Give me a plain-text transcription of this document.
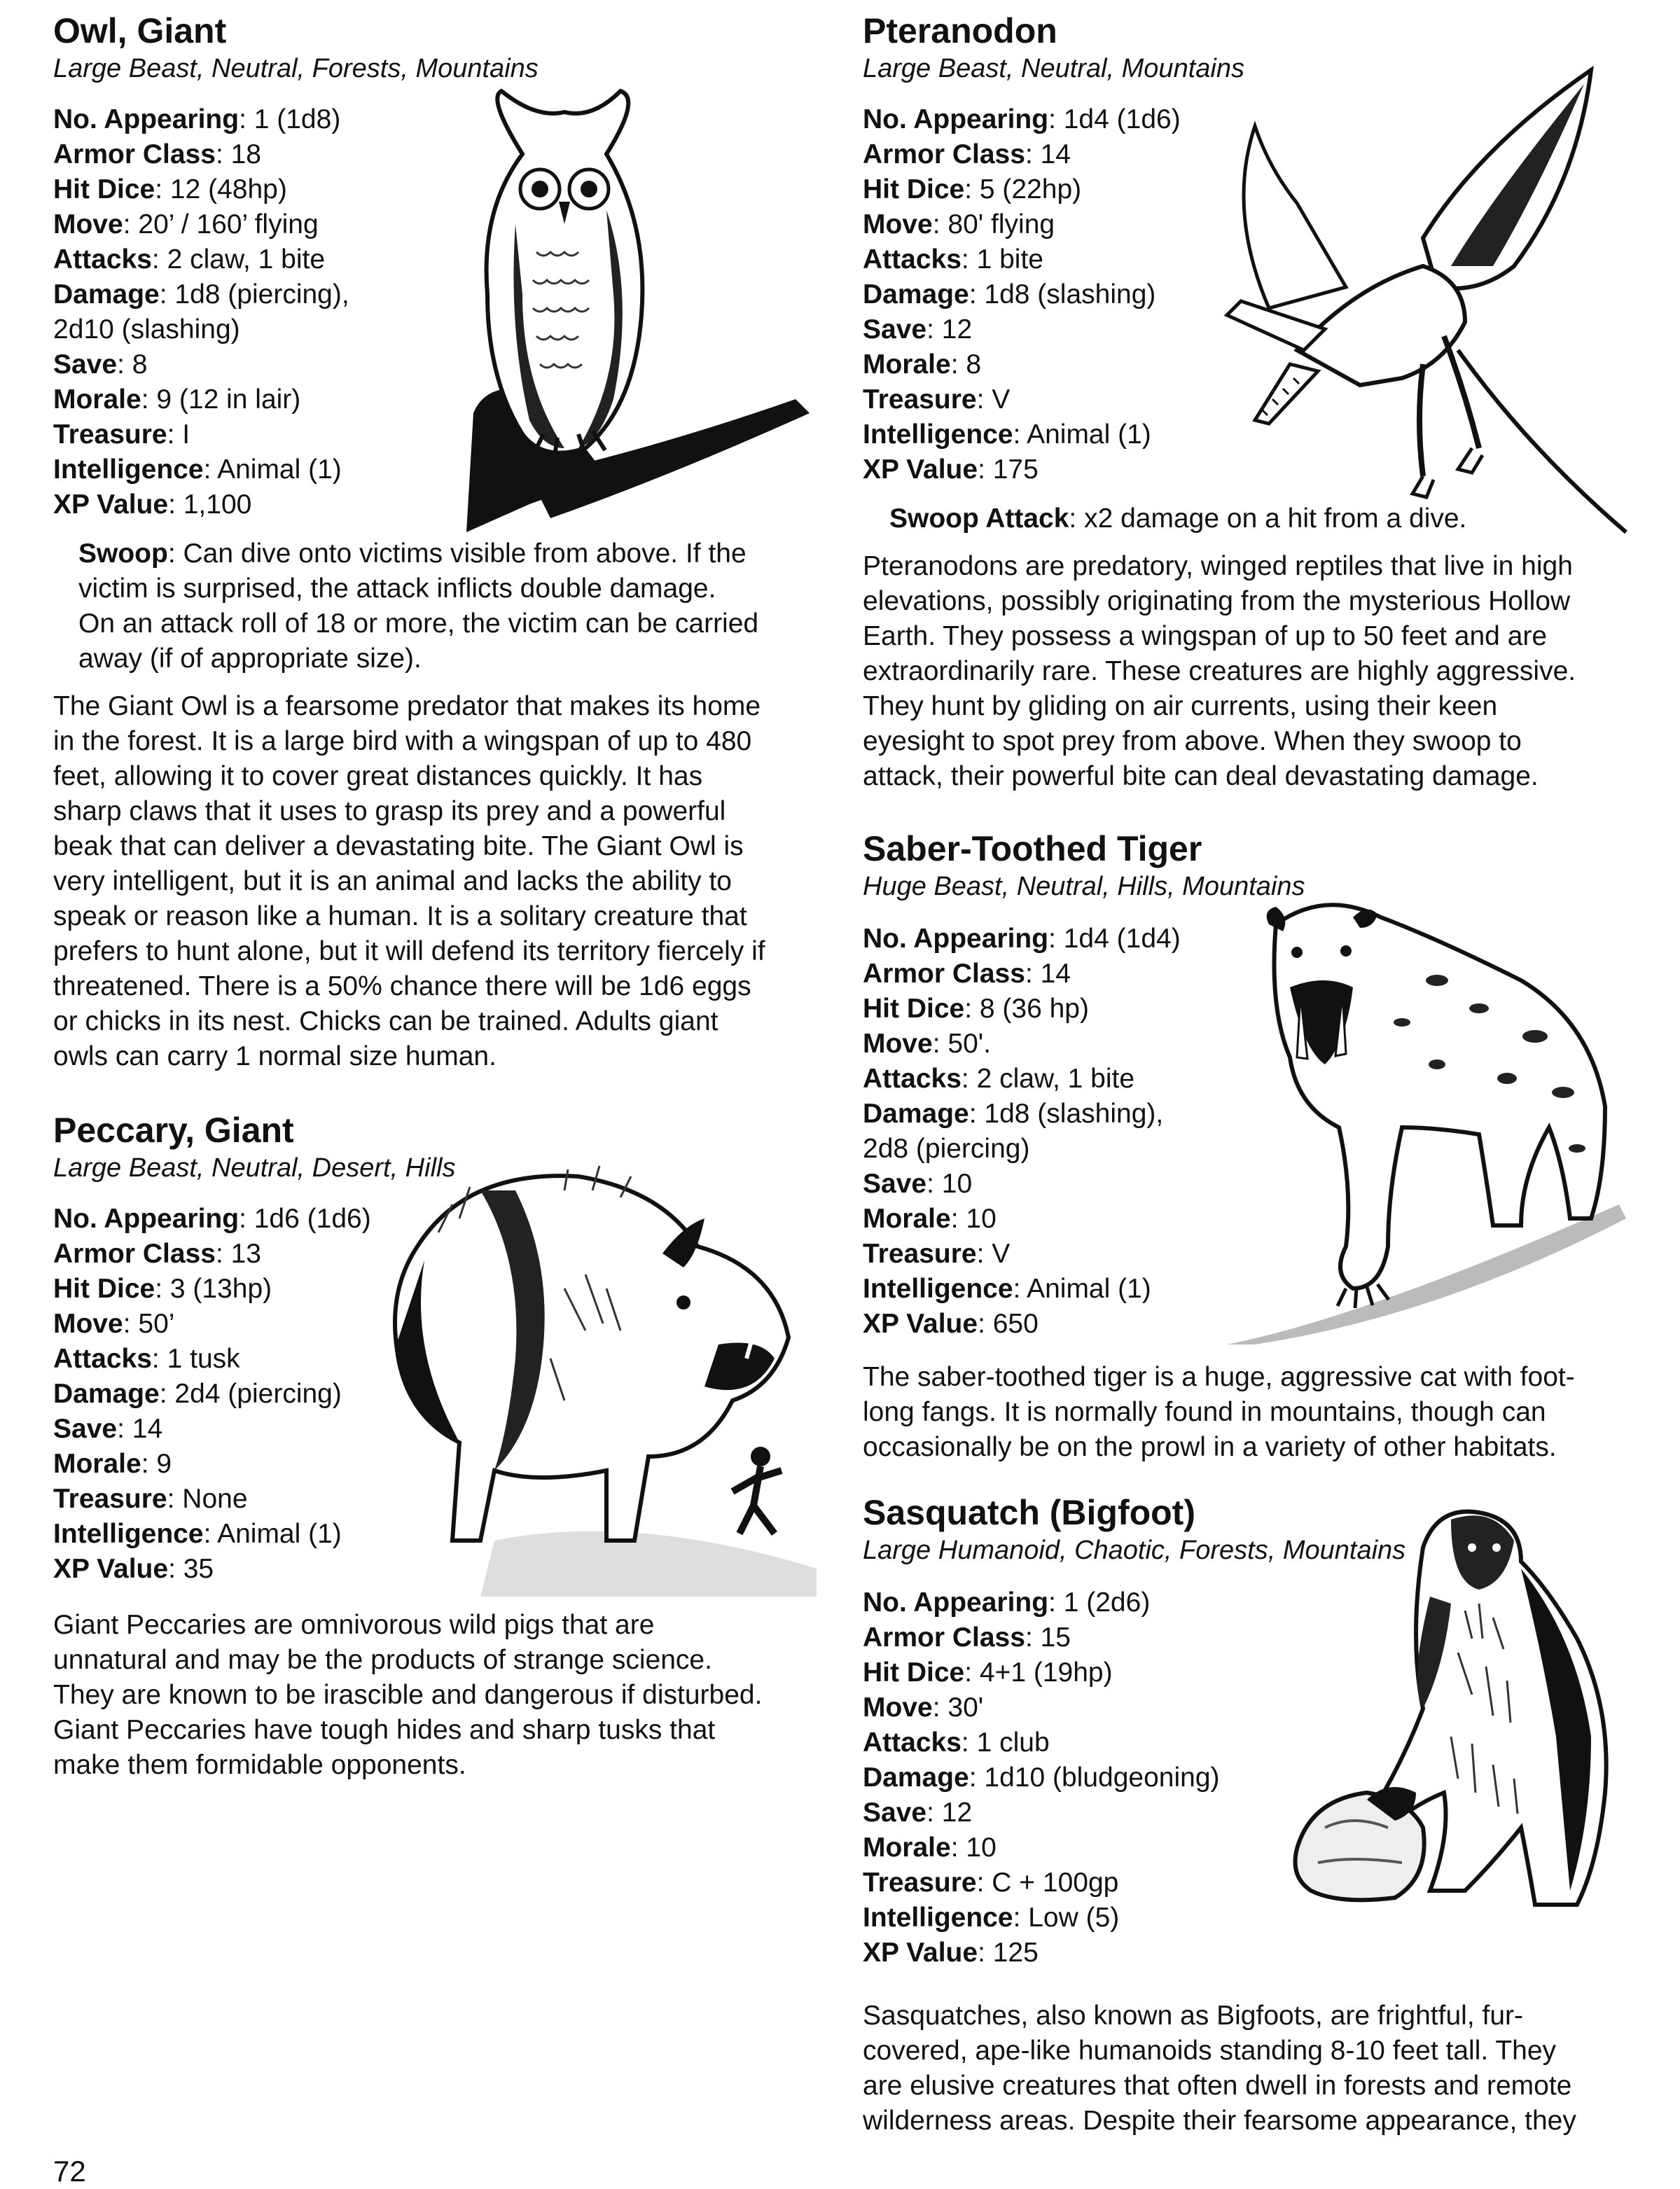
Owl, Giant
Large Beast, Neutral, Forests, Mountains
No. Appearing: 1 (1d8)
Armor Class: 18
Hit Dice: 12 (48hp)
Move: 20’ / 160’ flying
Attacks: 2 claw, 1 bite
Damage: 1d8 (piercing),
2d10 (slashing)
Save: 8
Morale: 9 (12 in lair)
Treasure: I
Intelligence: Animal (1)
XP Value: 1,100
Swoop: Can dive onto victims visible from above. If the
victim is surprised, the attack inflicts double damage.
On an attack roll of 18 or more, the victim can be carried
away (if of appropriate size).
The Giant Owl is a fearsome predator that makes its home
in the forest. It is a large bird with a wingspan of up to 480
feet, allowing it to cover great distances quickly. It has
sharp claws that it uses to grasp its prey and a powerful
beak that can deliver a devastating bite. The Giant Owl is
very intelligent, but it is an animal and lacks the ability to
speak or reason like a human. It is a solitary creature that
prefers to hunt alone, but it will defend its territory fiercely if
threatened. There is a 50% chance there will be 1d6 eggs
or chicks in its nest. Chicks can be trained. Adults giant
owls can carry 1 normal size human.
Peccary, Giant
Large Beast, Neutral, Desert, Hills
No. Appearing: 1d6 (1d6)
Armor Class: 13
Hit Dice: 3 (13hp)
Move: 50’
Attacks: 1 tusk
Damage: 2d4 (piercing)
Save: 14
Morale: 9
Treasure: None
Intelligence: Animal (1)
XP Value: 35
Giant Peccaries are omnivorous wild pigs that are
unnatural and may be the products of strange science.
They are known to be irascible and dangerous if disturbed.
Giant Peccaries have tough hides and sharp tusks that
make them formidable opponents.
Pteranodon
Large Beast, Neutral, Mountains
No. Appearing: 1d4 (1d6)
Armor Class: 14
Hit Dice: 5 (22hp)
Move: 80' flying
Attacks: 1 bite
Damage: 1d8 (slashing)
Save: 12
Morale: 8
Treasure: V
Intelligence: Animal (1)
XP Value: 175
Swoop Attack: x2 damage on a hit from a dive.
Pteranodons are predatory, winged reptiles that live in high
elevations, possibly originating from the mysterious Hollow
Earth. They possess a wingspan of up to 50 feet and are
extraordinarily rare. These creatures are highly aggressive.
They hunt by gliding on air currents, using their keen
eyesight to spot prey from above. When they swoop to
attack, their powerful bite can deal devastating damage.
Saber-Toothed Tiger
Huge Beast, Neutral, Hills, Mountains
No. Appearing: 1d4 (1d4)
Armor Class: 14
Hit Dice: 8 (36 hp)
Move: 50'.
Attacks: 2 claw, 1 bite
Damage: 1d8 (slashing),
2d8 (piercing)
Save: 10
Morale: 10
Treasure: V
Intelligence: Animal (1)
XP Value: 650
The saber-toothed tiger is a huge, aggressive cat with foot-
long fangs. It is normally found in mountains, though can
occasionally be on the prowl in a variety of other habitats.
Sasquatch (Bigfoot)
Large Humanoid, Chaotic, Forests, Mountains
No. Appearing: 1 (2d6)
Armor Class: 15
Hit Dice: 4+1 (19hp)
Move: 30'
Attacks: 1 club
Damage: 1d10 (bludgeoning)
Save: 12
Morale: 10
Treasure: C + 100gp
Intelligence: Low (5)
XP Value: 125
Sasquatches, also known as Bigfoots, are frightful, fur-
covered, ape-like humanoids standing 8-10 feet tall. They
are elusive creatures that often dwell in forests and remote
wilderness areas. Despite their fearsome appearance, they
72
